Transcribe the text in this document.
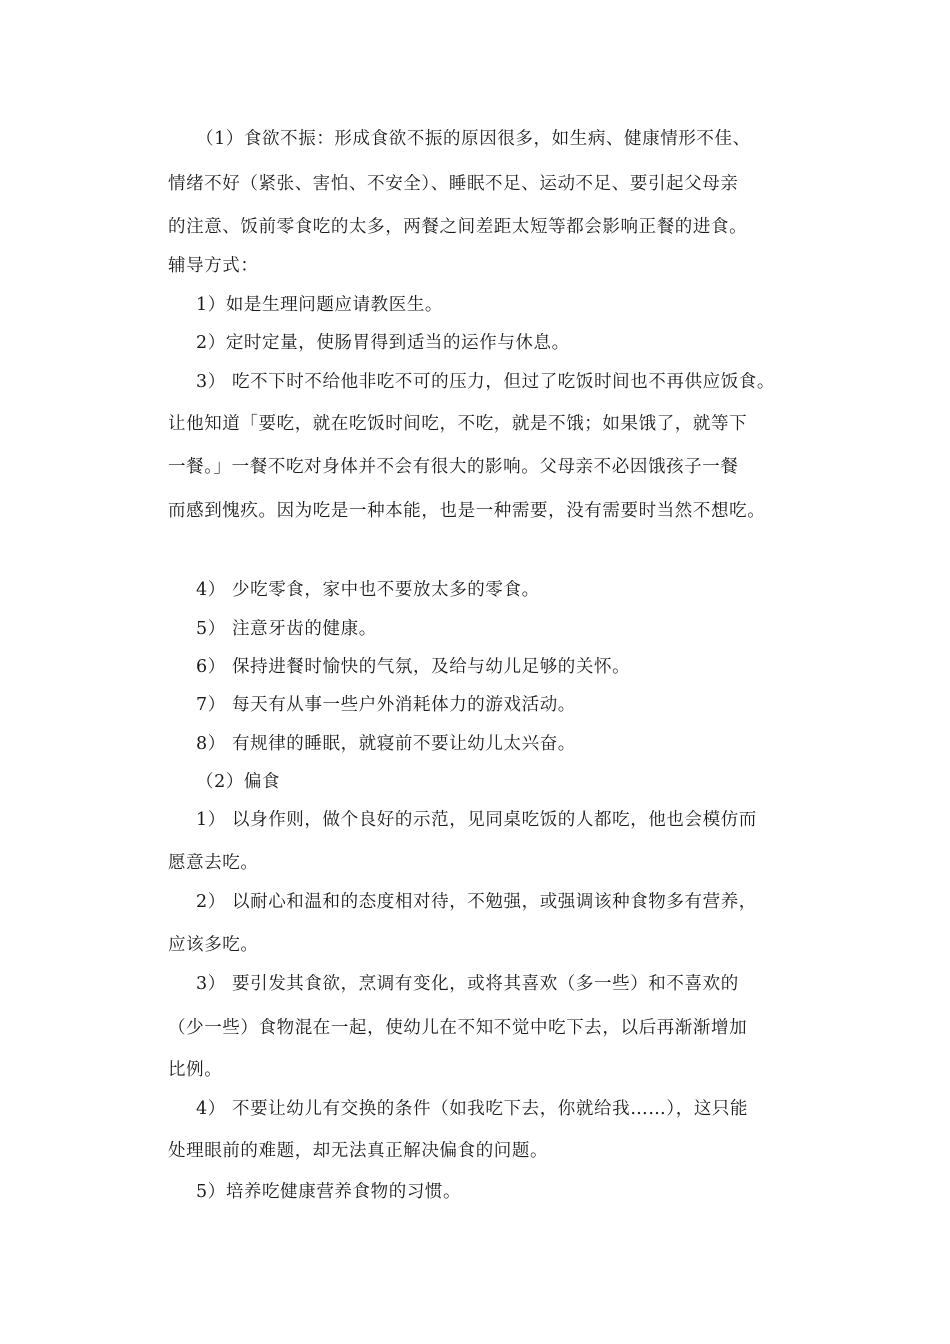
（1）食欲不振：形成食欲不振的原因很多，如生病、健康情形不佳、
情绪不好（紧张、害怕、不安全）、睡眠不足、运动不足、要引起父母亲
的注意、饭前零食吃的太多，两餐之间差距太短等都会影响正餐的进食。
辅导方式：
1）如是生理问题应请教医生。
2）定时定量，使肠胃得到适当的运作与休息。
3） 吃不下时不给他非吃不可的压力，但过了吃饭时间也不再供应饭食。
让他知道「要吃，就在吃饭时间吃，不吃，就是不饿；如果饿了，就等下
一餐。」一餐不吃对身体并不会有很大的影响。父母亲不必因饿孩子一餐
而感到愧疚。因为吃是一种本能，也是一种需要，没有需要时当然不想吃。
4） 少吃零食，家中也不要放太多的零食。
5） 注意牙齿的健康。
6） 保持进餐时愉快的气氛，及给与幼儿足够的关怀。
7） 每天有从事一些户外消耗体力的游戏活动。
8） 有规律的睡眠，就寝前不要让幼儿太兴奋。
（2）偏食
1） 以身作则，做个良好的示范，见同桌吃饭的人都吃，他也会模仿而
愿意去吃。
2） 以耐心和温和的态度相对待，不勉强，或强调该种食物多有营养，
应该多吃。
3） 要引发其食欲，烹调有变化，或将其喜欢（多一些）和不喜欢的
（少一些）食物混在一起，使幼儿在不知不觉中吃下去，以后再渐渐增加
比例。
4） 不要让幼儿有交换的条件（如我吃下去，你就给我……），这只能
处理眼前的难题，却无法真正解决偏食的问题。
5）培养吃健康营养食物的习惯。
